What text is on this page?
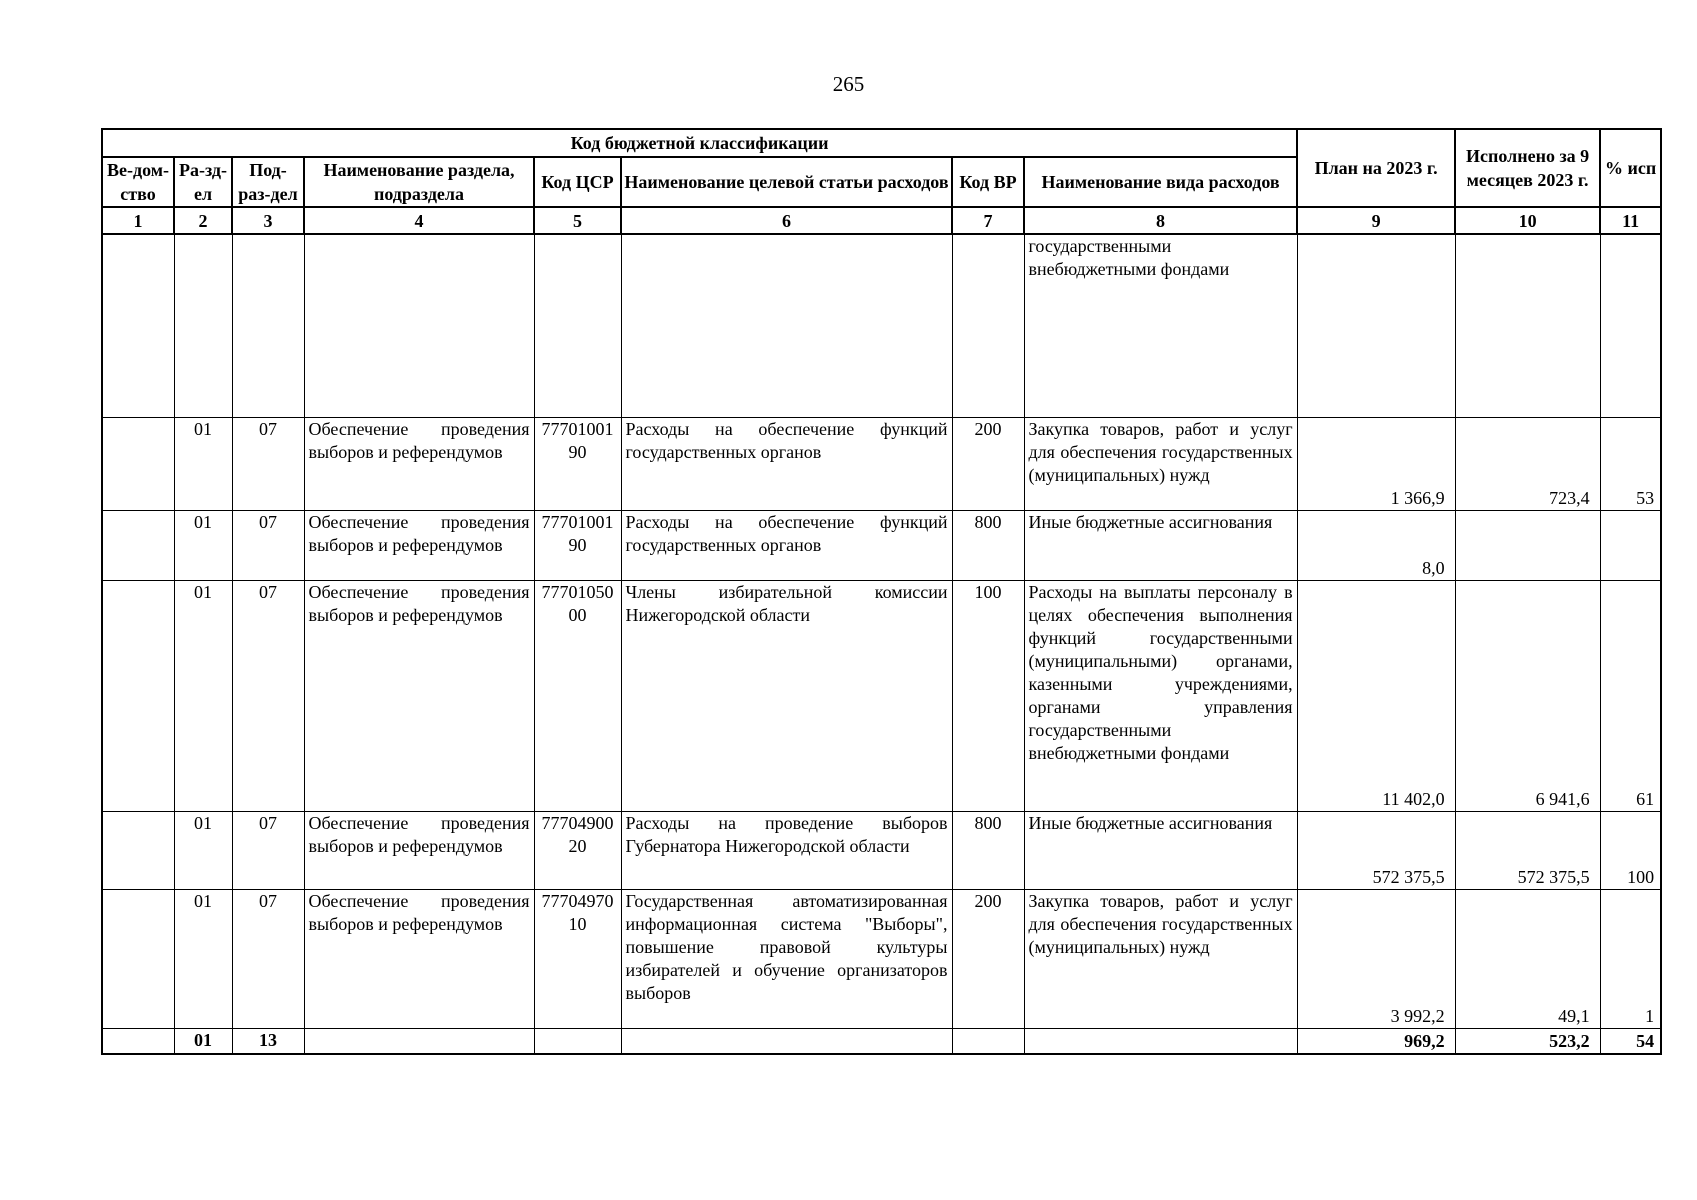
265
Код бюджетной классификации								План на 2023 г.	Исполнено за 9 месяцев 2023 г.	% исп
Ве-дом-ство	Ра-зд-ел	Под-раз-дел	Наименование раздела, подраздела	Код ЦСР	Наименование целевой статьи расходов	Код ВР	Наименование вида расходов			
1	2	3	4	5	6	7	8	9	10	11
							государственными внебюджетными фондами			
	01	07	Обеспечение проведения выборов и референдумов	7770100190	Расходы на обеспечение функций государственных органов	200	Закупка товаров, работ и услуг для обеспечения государственных (муниципальных) нужд	1 366,9	723,4	53
	01	07	Обеспечение проведения выборов и референдумов	7770100190	Расходы на обеспечение функций государственных органов	800	Иные бюджетные ассигнования	8,0		
	01	07	Обеспечение проведения выборов и референдумов	7770105000	Члены избирательной комиссии Нижегородской области	100	Расходы на выплаты персоналу в целях обеспечения выполнения функций государственными (муниципальными) органами, казенными учреждениями, органами управления государственными внебюджетными фондами	11 402,0	6 941,6	61
	01	07	Обеспечение проведения выборов и референдумов	7770490020	Расходы на проведение выборов Губернатора Нижегородской области	800	Иные бюджетные ассигнования	572 375,5	572 375,5	100
	01	07	Обеспечение проведения выборов и референдумов	7770497010	Государственная автоматизированная информационная система "Выборы", повышение правовой культуры избирателей и обучение организаторов выборов	200	Закупка товаров, работ и услуг для обеспечения государственных (муниципальных) нужд	3 992,2	49,1	1
	01	13						969,2	523,2	54
